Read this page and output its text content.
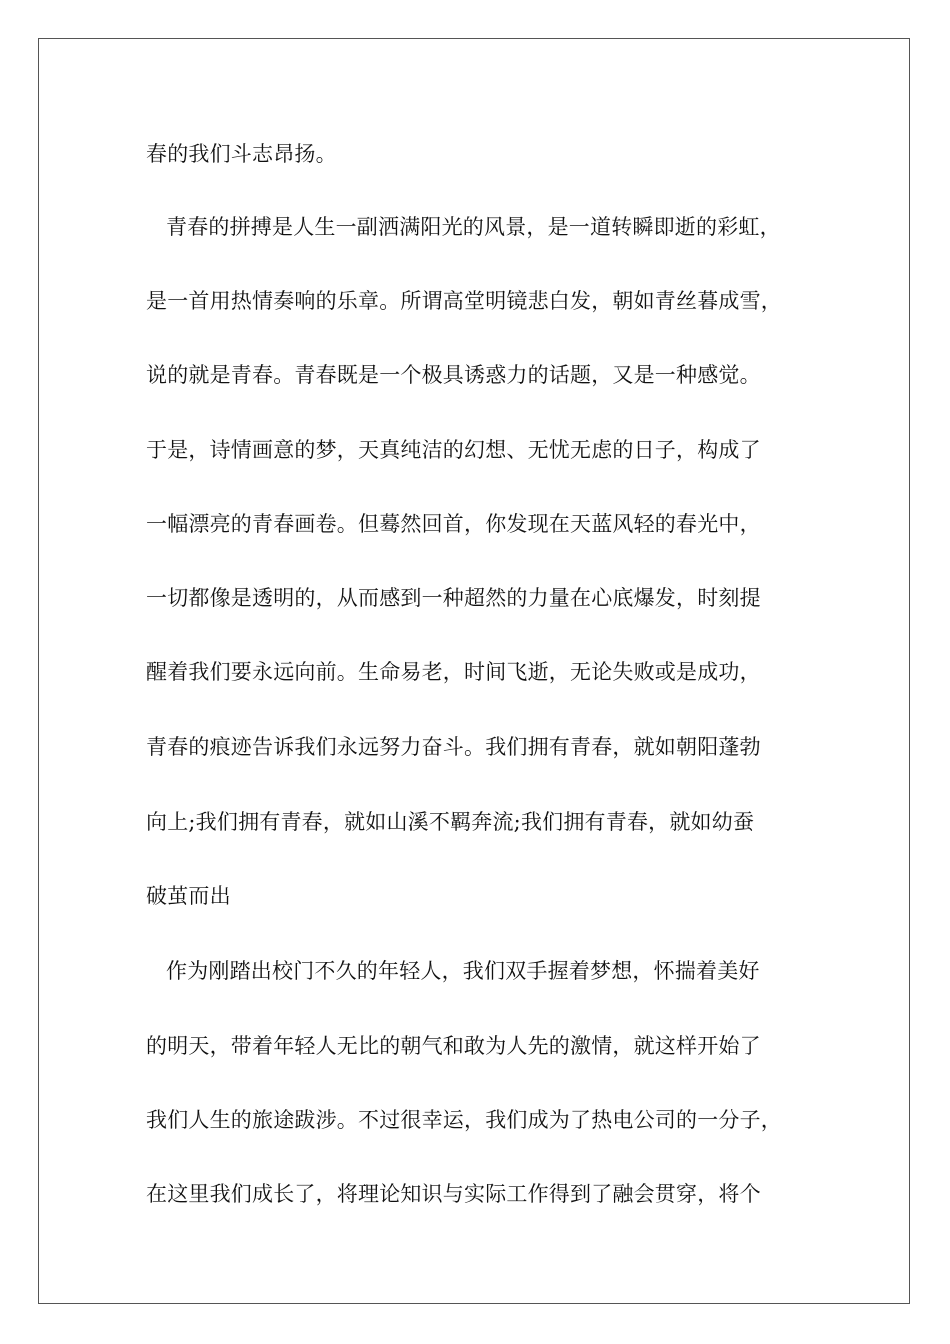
春的我们斗志昂扬。
青春的拼搏是人生一副洒满阳光的风景，是一道转瞬即逝的彩虹，
是一首用热情奏响的乐章。所谓高堂明镜悲白发，朝如青丝暮成雪，
说的就是青春。青春既是一个极具诱惑力的话题，又是一种感觉。
于是，诗情画意的梦，天真纯洁的幻想、无忧无虑的日子，构成了
一幅漂亮的青春画卷。但蓦然回首，你发现在天蓝风轻的春光中，
一切都像是透明的，从而感到一种超然的力量在心底爆发，时刻提
醒着我们要永远向前。生命易老，时间飞逝，无论失败或是成功，
青春的痕迹告诉我们永远努力奋斗。我们拥有青春，就如朝阳蓬勃
向上;我们拥有青春，就如山溪不羁奔流;我们拥有青春，就如幼蚕
破茧而出
作为刚踏出校门不久的年轻人，我们双手握着梦想，怀揣着美好
的明天，带着年轻人无比的朝气和敢为人先的激情，就这样开始了
我们人生的旅途跋涉。不过很幸运，我们成为了热电公司的一分子，
在这里我们成长了，将理论知识与实际工作得到了融会贯穿，将个
